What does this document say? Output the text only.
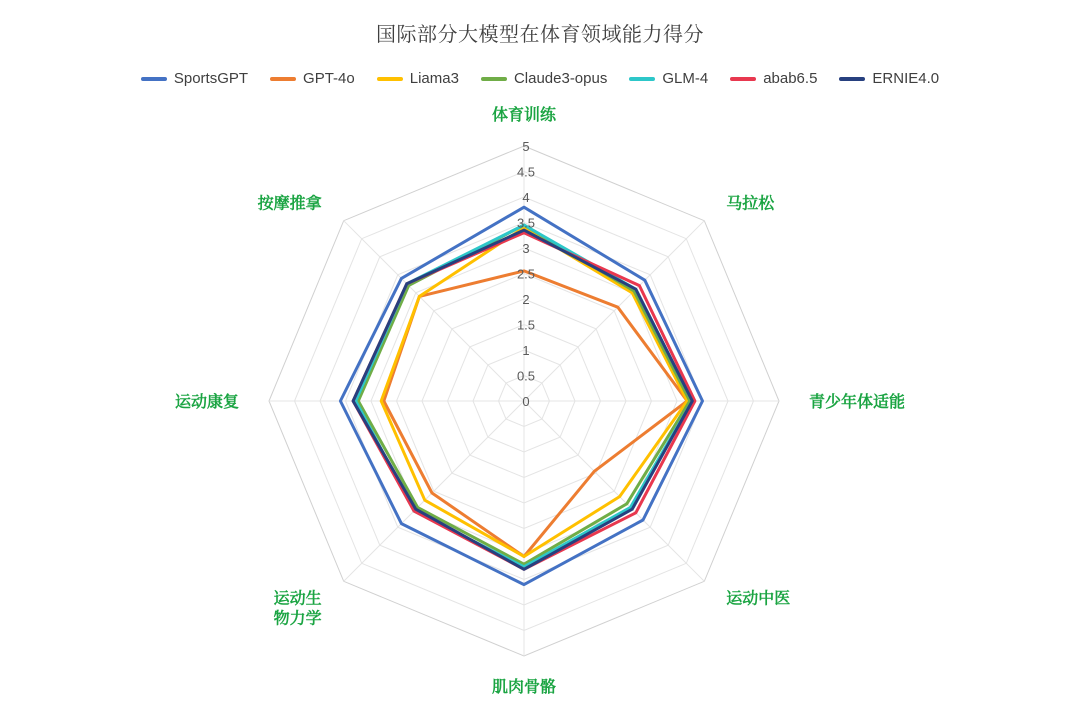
国际部分大模型在体育领域能力得分
SportsGPT	GPT-4o	Liama3	Claude3-opus	GLM-4	abab6.5	ERNIE4.0
0
0.5
1
1.5
2
2.5
3
3.5
4
4.5
5
体育训练
马拉松
青少年体适能
运动中医
肌肉骨骼
运动生物力学
运动康复
按摩推拿
